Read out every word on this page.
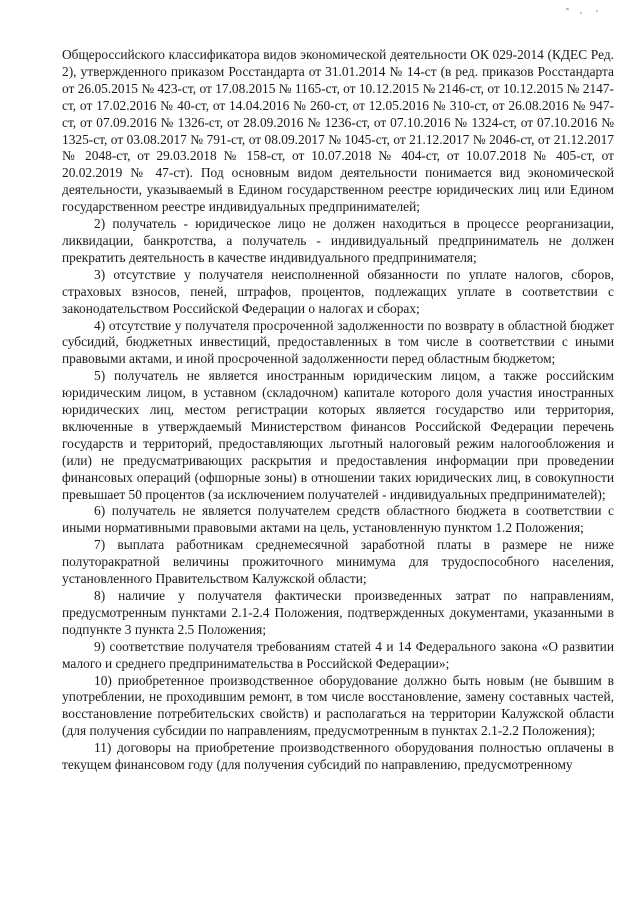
Общероссийского классификатора видов экономической деятельности ОК 029-2014 (КДЕС Ред. 2), утвержденного приказом Росстандарта от 31.01.2014 № 14-ст (в ред. приказов Росстандарта от 26.05.2015 № 423-ст, от 17.08.2015 № 1165-ст, от 10.12.2015 № 2146-ст, от 10.12.2015 № 2147-ст, от 17.02.2016 № 40-ст, от 14.04.2016 № 260-ст, от 12.05.2016 № 310-ст, от 26.08.2016 № 947-ст, от 07.09.2016 № 1326-ст, от 28.09.2016 № 1236-ст, от 07.10.2016 № 1324-ст, от 07.10.2016 № 1325-ст, от 03.08.2017 № 791-ст, от 08.09.2017 № 1045-ст, от 21.12.2017 № 2046-ст, от 21.12.2017 № 2048-ст, от 29.03.2018 № 158-ст, от 10.07.2018 № 404-ст, от 10.07.2018 № 405-ст, от 20.02.2019 № 47-ст). Под основным видом деятельности понимается вид экономической деятельности, указываемый в Едином государственном реестре юридических лиц или Едином государственном реестре индивидуальных предпринимателей;

2) получатель - юридическое лицо не должен находиться в процессе реорганизации, ликвидации, банкротства, а получатель - индивидуальный предприниматель не должен прекратить деятельность в качестве индивидуального предпринимателя;

3) отсутствие у получателя неисполненной обязанности по уплате налогов, сборов, страховых взносов, пеней, штрафов, процентов, подлежащих уплате в соответствии с законодательством Российской Федерации о налогах и сборах;

4) отсутствие у получателя просроченной задолженности по возврату в областной бюджет субсидий, бюджетных инвестиций, предоставленных в том числе в соответствии с иными правовыми актами, и иной просроченной задолженности перед областным бюджетом;

5) получатель не является иностранным юридическим лицом, а также российским юридическим лицом, в уставном (складочном) капитале которого доля участия иностранных юридических лиц, местом регистрации которых является государство или территория, включенные в утверждаемый Министерством финансов Российской Федерации перечень государств и территорий, предоставляющих льготный налоговый режим налогообложения и (или) не предусматривающих раскрытия и предоставления информации при проведении финансовых операций (офшорные зоны) в отношении таких юридических лиц, в совокупности превышает 50 процентов (за исключением получателей - индивидуальных предпринимателей);

6) получатель не является получателем средств областного бюджета в соответствии с иными нормативными правовыми актами на цель, установленную пунктом 1.2 Положения;

7) выплата работникам среднемесячной заработной платы в размере не ниже полуторакратной величины прожиточного минимума для трудоспособного населения, установленного Правительством Калужской области;

8) наличие у получателя фактически произведенных затрат по направлениям, предусмотренным пунктами 2.1-2.4 Положения, подтвержденных документами, указанными в подпункте 3 пункта 2.5 Положения;

9) соответствие получателя требованиям статей 4 и 14 Федерального закона «О развитии малого и среднего предпринимательства в Российской Федерации»;

10) приобретенное производственное оборудование должно быть новым (не бывшим в употреблении, не проходившим ремонт, в том числе восстановление, замену составных частей, восстановление потребительских свойств) и располагаться на территории Калужской области (для получения субсидии по направлениям, предусмотренным в пунктах 2.1-2.2 Положения);

11) договоры на приобретение производственного оборудования полностью оплачены в текущем финансовом году (для получения субсидий по направлению, предусмотренному
